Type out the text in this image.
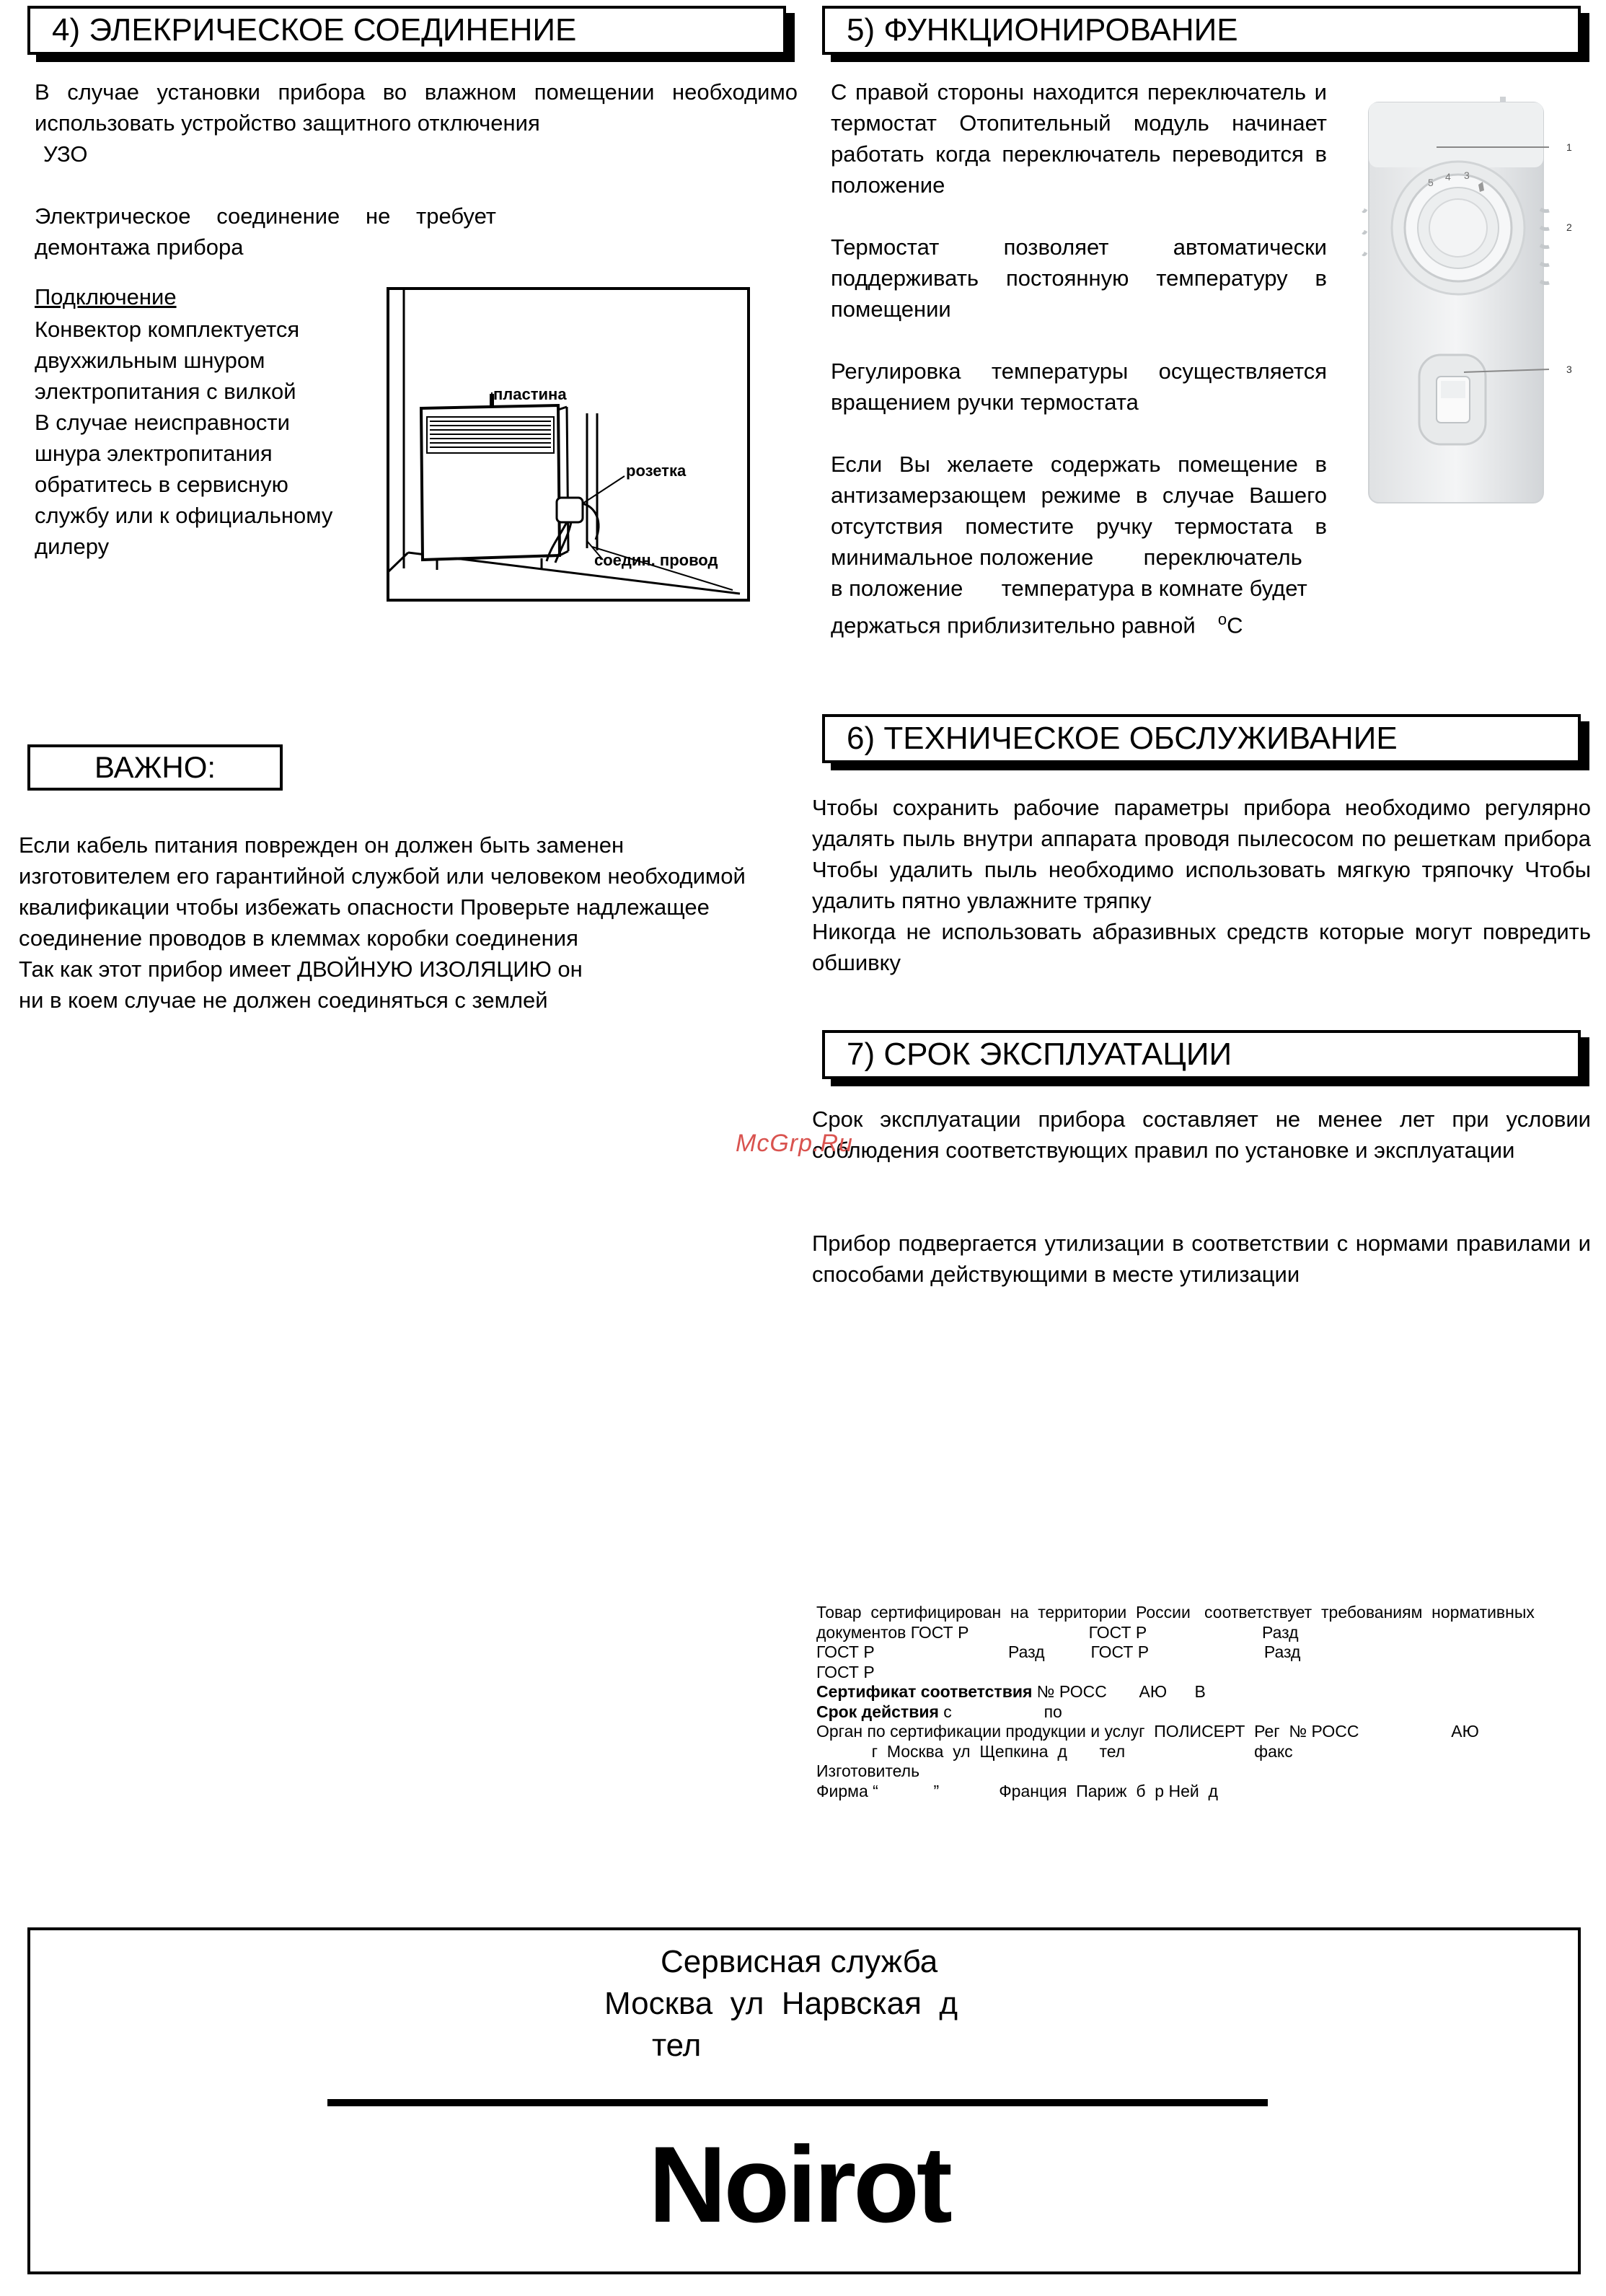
4) ЭЛЕКРИЧЕСКОЕ СОЕДИНЕНИЕ

В случае установки прибора во влажном помещении необходимо использовать устройство защитного отключения

УЗО

Электрическое соединение не требует демонтажа прибора

Подключение

Конвектор комплектуется

двухжильным шнуром

электропитания с вилкой

В случае неисправности

шнура электропитания

обратитесь в сервисную

службу или к официальному

дилеру

пластина
розетка
соедин. провод
ВАЖНО:

Если кабель питания поврежден он должен быть заменен

изготовителем его гарантийной службой или человеком необходимой

квалификации чтобы избежать опасности Проверьте надлежащее

соединение проводов в клеммах коробки соединения

Так как этот прибор имеет ДВОЙНУЮ ИЗОЛЯЦИЮ он

ни в коем случае не должен соединяться с землей

5) ФУНКЦИОНИРОВАНИЕ

С правой стороны находится переключатель и термостат Отопительный модуль начинает работать когда переключатель переводится в положение

Термостат позволяет автоматически поддерживать постоянную температуру в помещении

Регулировка температуры осуществляется вращением ручки термостата

Если Вы желаете содержать помещение в антизамерзающем режиме в случае Вашего отсутствия поместите ручку термостата в минимальное положение переключатель

в положение температура в комнате будет

держаться приблизительно равной $^o$C

5 4 3
1
2
3
6) ТЕХНИЧЕСКОЕ ОБСЛУЖИВАНИЕ

Чтобы сохранить рабочие параметры прибора необходимо регулярно удалять пыль внутри аппарата проводя пылесосом по решеткам прибора Чтобы удалить пыль необходимо использовать мягкую тряпочку Чтобы удалить пятно увлажните тряпку

Никогда не использовать абразивных средств которые могут повредить обшивку

7) СРОК ЭКСПЛУАТАЦИИ

Срок эксплуатации прибора составляет не менее лет при условии соблюдения соответствующих правил по установке и эксплуатации

Прибор подвергается утилизации в соответствии с нормами правилами и способами действующими в месте утилизации

McGrp.Ru

Товар  сертифицирован  на  территории  России   соответствует  требованиям  нормативных

документов ГОСТ Р                          ГОСТ Р                         Разд

ГОСТ Р                             Разд          ГОСТ Р                         Разд

ГОСТ Р

Сертификат соответствия № РОСС       АЮ      В

Срок действия с                    по

Орган по сертификации продукции и услуг  ПОЛИСЕРТ  Рег  № РОСС                    АЮ

г  Москва  ул  Щепкина  д       тел                            факс

Изготовитель

Фирма “            ”             Франция  Париж  б  р Ней  д

Сервисная служба
Москва  ул  Нарвская  д
тел
Noirot
